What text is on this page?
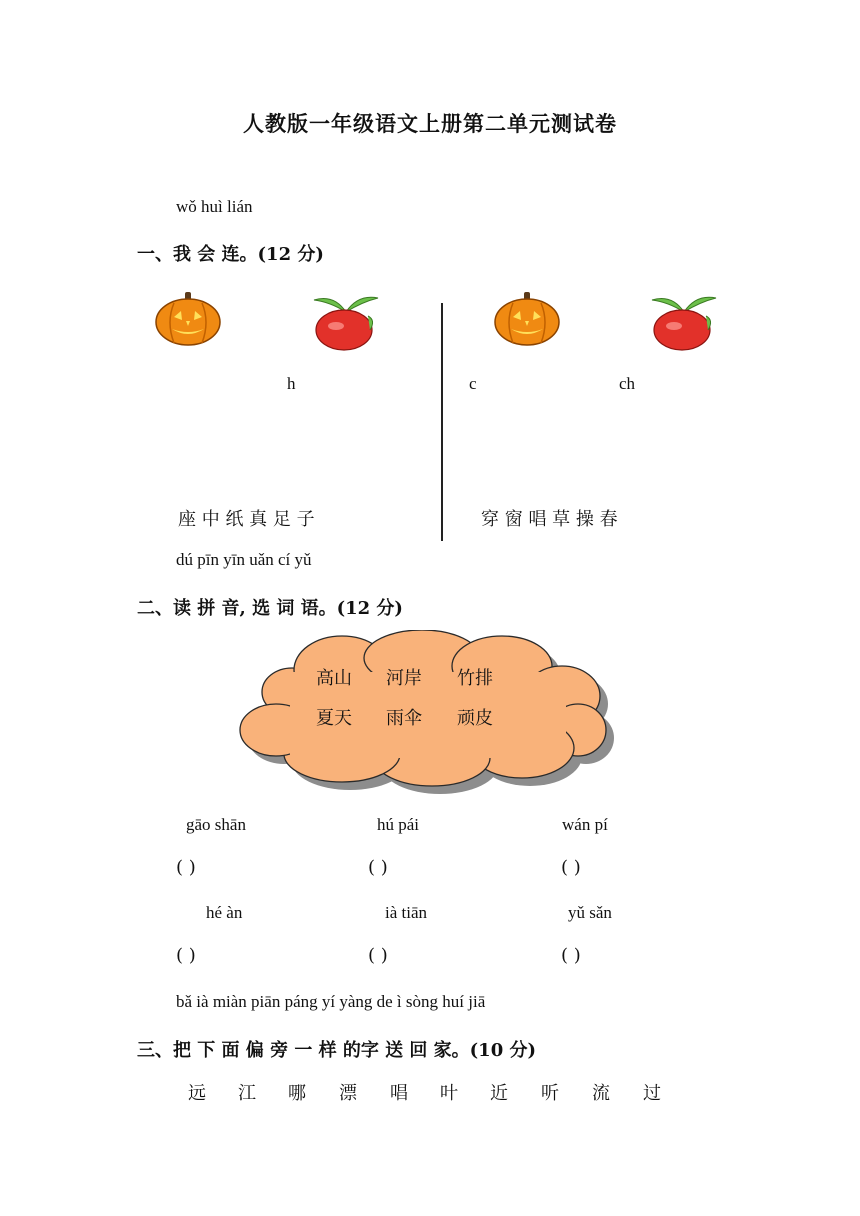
人教版一年级语文上册第二单元测试卷
wǒ huì lián
一、我 会 连。(12 分)
h	c	ch
座 中 纸 真 足 子	穿 窗 唱 草 操 春
dú pīn yīn uǎn cí yǔ
二、读 拼 音, 选 词 语。(12 分)
高山 河岸 竹排
夏天 雨伞 顽皮
gāo shān	hú pái	wán pí
( )	( )	( )
hé àn	ià tiān	yǔ sǎn
( )	( )	( )
bǎ ià miàn piān páng yí yàng de ì sòng huí jiā
三、把 下 面 偏 旁 一 样 的字 送 回 家。(10 分)
远 江 哪 漂 唱 叶 近 听 流 过
